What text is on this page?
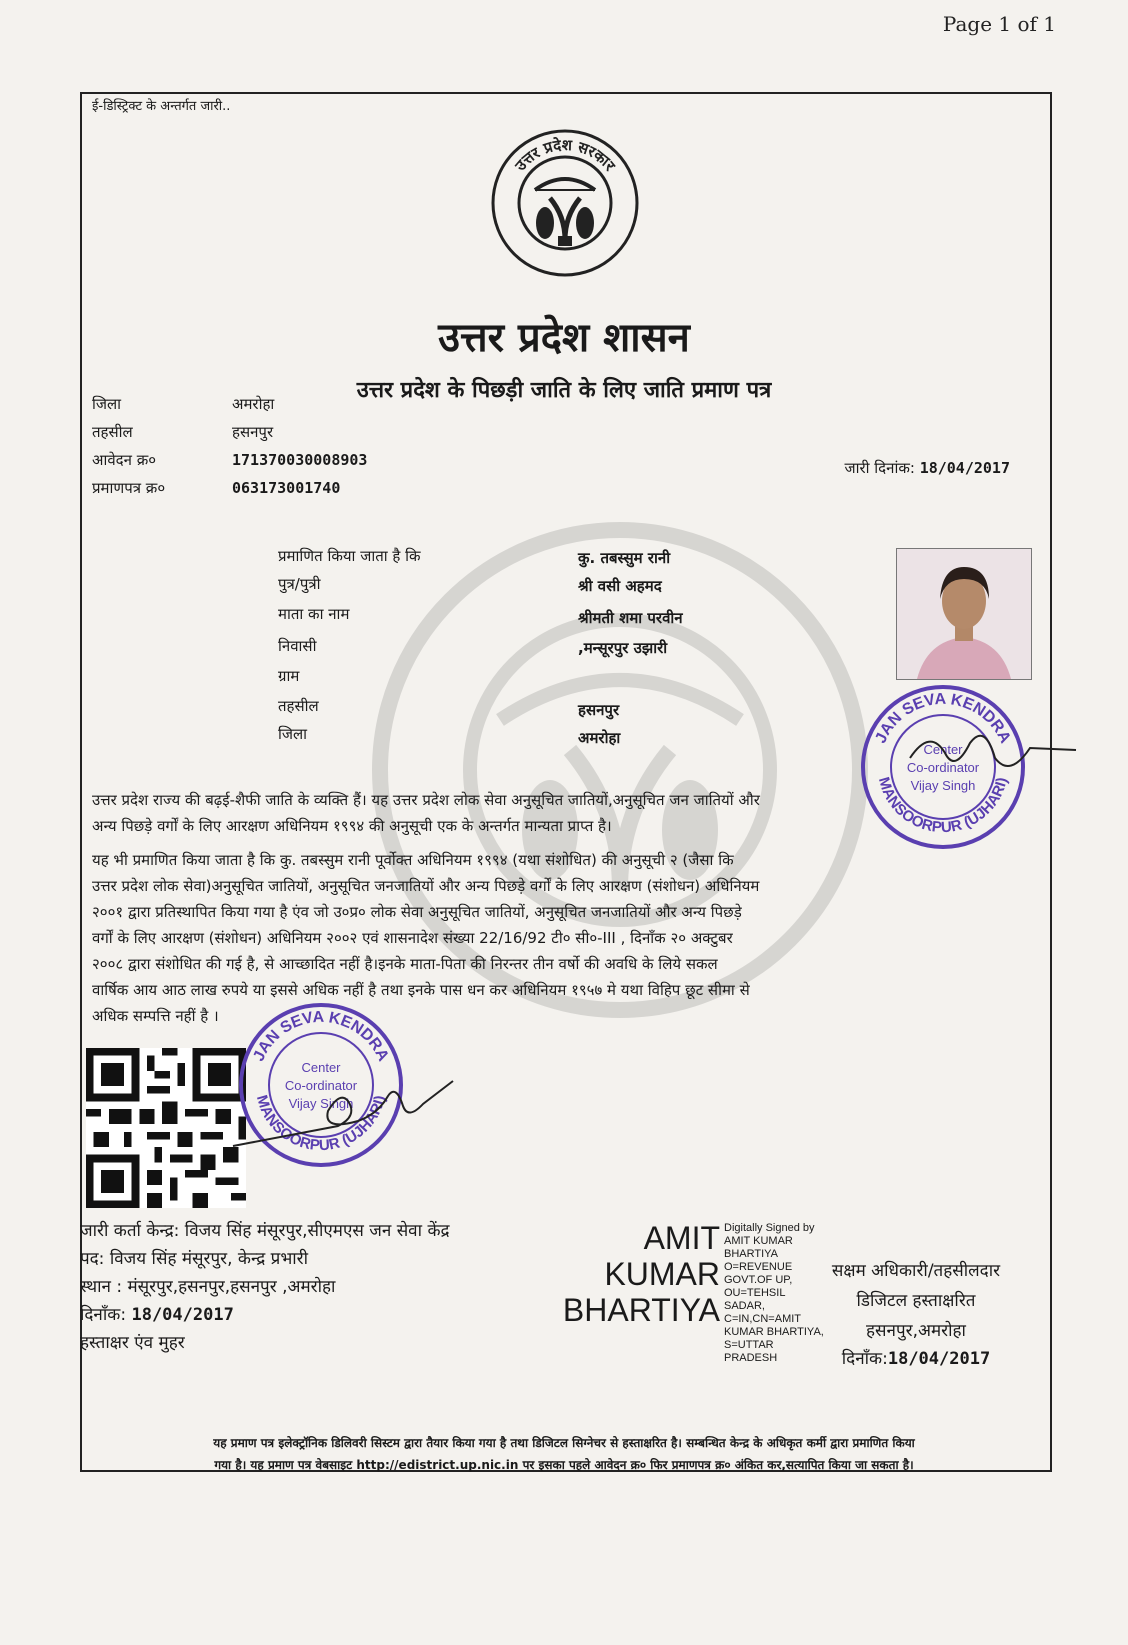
Page 1 of 1
ई-डिस्ट्रिक्ट के अन्तर्गत जारी..
उत्तर प्रदेश सरकार
उत्तर प्रदेश शासन
उत्तर प्रदेश के पिछड़ी जाति के लिए जाति प्रमाण पत्र
जिला	अमरोहा
तहसील	हसनपुर
आवेदन क्र०	171370030008903
प्रमाणपत्र क्र०	063173001740
जारी दिनांक: 18/04/2017
प्रमाणित किया जाता है कि	कु. तबस्सुम रानी
पुत्र/पुत्री	श्री वसी अहमद
माता का नाम	श्रीमती शमा परवीन
निवासी	,मन्सूरपुर उझारी
ग्राम
तहसील	हसनपुर
जिला	अमरोहा	JAN SEVA KENDRA
MANSOORPUR (UJHARI)
Center
Co-ordinator
Vijay Singh
उत्तर प्रदेश राज्य की बढ़ई-शैफी जाति के व्यक्ति हैं। यह उत्तर प्रदेश लोक सेवा अनुसूचित जातियों,अनुसूचित जन जातियों और
अन्य पिछड़े वर्गों के लिए आरक्षण अधिनियम १९९४ की अनुसूची एक के अन्तर्गत मान्यता प्राप्त है।
यह भी प्रमाणित किया जाता है कि कु. तबस्सुम रानी पूर्वोक्त अधिनियम १९९४ (यथा संशोधित) की अनुसूची २ (जैसा कि
उत्तर प्रदेश लोक सेवा)अनुसूचित जातियों, अनुसूचित जनजातियों और अन्य पिछड़े वर्गों के लिए आरक्षण (संशोधन) अधिनियम
२००१ द्वारा प्रतिस्थापित किया गया है एंव जो उ०प्र० लोक सेवा अनुसूचित जातियों, अनुसूचित जनजातियों और अन्य पिछड़े
वर्गों के लिए आरक्षण (संशोधन) अधिनियम २००२ एवं शासनादेश संख्या 22/16/92 टी० सी०-III , दिनाँक २० अक्टुबर
२००८ द्वारा संशोधित की गई है, से आच्छादित नहीं है।इनके माता-पिता की निरन्तर तीन वर्षो की अवधि के लिये सकल
वार्षिक आय आठ लाख रुपये या इससे अधिक नहीं है तथा इनके पास धन कर अधिनियम १९५७ मे यथा विहिप छूट सीमा से
अधिक सम्पत्ति नहीं है ।
JAN SEVA KENDRA
MANSOORPUR (UJHARI)
Center
Co-ordinator
Vijay Singh
जारी कर्ता केन्द्र: विजय सिंह मंसूरपुर,सीएमएस जन सेवा केंद्र
पद: विजय सिंह मंसूरपुर, केन्द्र प्रभारी
स्थान : मंसूरपुर,हसनपुर,हसनपुर ,अमरोहा
दिनाँक: 18/04/2017
हस्ताक्षर एंव मुहर
AMIT
KUMAR
BHARTIYA
Digitally Signed by AMIT KUMAR BHARTIYA O=REVENUE GOVT.OF UP, OU=TEHSIL SADAR, C=IN,CN=AMIT KUMAR BHARTIYA, S=UTTAR PRADESH
सक्षम अधिकारी/तहसीलदार
डिजिटल हस्ताक्षरित
हसनपुर,अमरोहा
दिनाँक:18/04/2017
यह प्रमाण पत्र इलेक्ट्रॉनिक डिलिवरी सिस्टम द्वारा तैयार किया गया है तथा डिजिटल सिग्नेचर से हस्ताक्षरित है। सम्बन्धित केन्द्र के अधिकृत कर्मी द्वारा प्रमाणित किया
गया है। यह प्रमाण पत्र वेबसाइट http://edistrict.up.nic.in पर इसका पहले आवेदन क्र० फिर प्रमाणपत्र क्र० अंकित कर,सत्यापित किया जा सकता है।
